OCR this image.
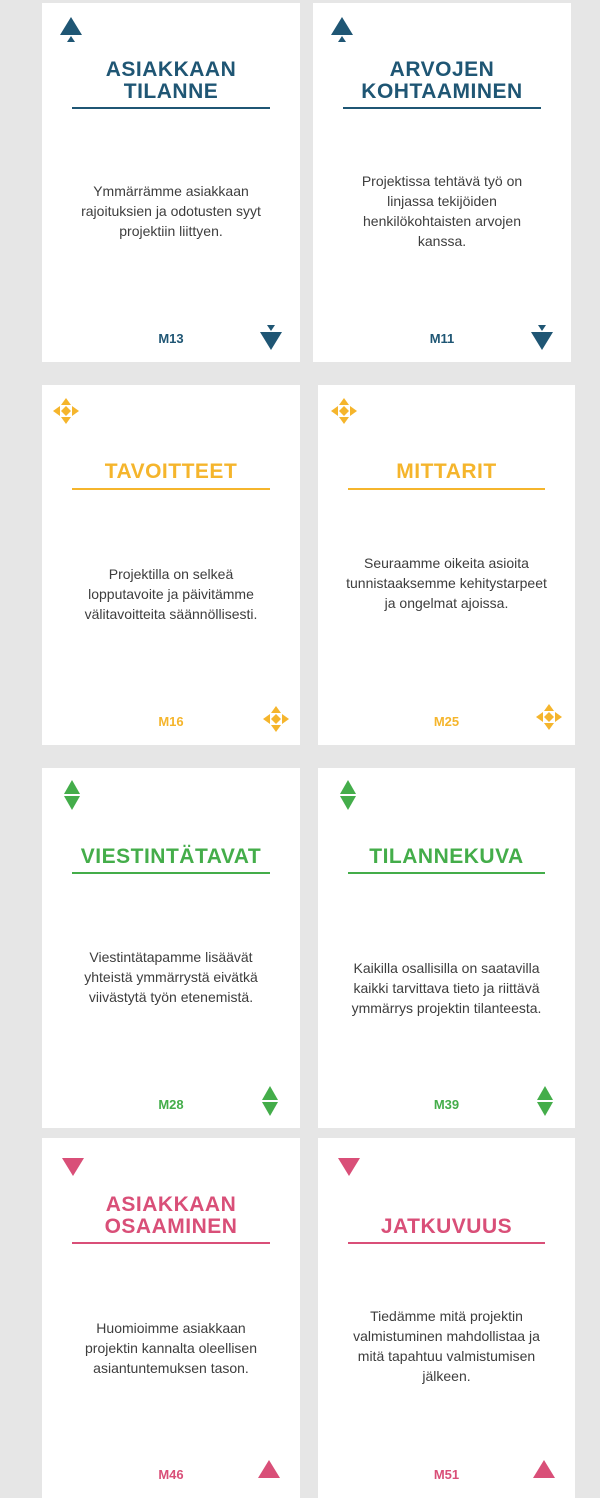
ASIAKKAAN
TILANNE
Ymmärrämme asiakkaan rajoituksien ja odotusten syyt projektiin liittyen.
M13
ARVOJEN
KOHTAAMINEN
Projektissa tehtävä työ on linjassa tekijöiden henkilökohtaisten arvojen kanssa.
M11
TAVOITTEET
Projektilla on selkeä lopputavoite ja päivitämme välitavoitteita säännöllisesti.
M16
MITTARIT
Seuraamme oikeita asioita tunnistaaksemme kehitystarpeet ja ongelmat ajoissa.
M25
VIESTINTÄTAVAT
Viestintätapamme lisäävät yhteistä ymmärrystä eivätkä viivästytä työn etenemistä.
M28
TILANNEKUVA
Kaikilla osallisilla on saatavilla kaikki tarvittava tieto ja riittävä ymmärrys projektin tilanteesta.
M39
ASIAKKAAN
OSAAMINEN
Huomioimme asiakkaan projektin kannalta oleellisen asiantuntemuksen tason.
M46
JATKUVUUS
Tiedämme mitä projektin valmistuminen mahdollistaa ja mitä tapahtuu valmistumisen jälkeen.
M51
